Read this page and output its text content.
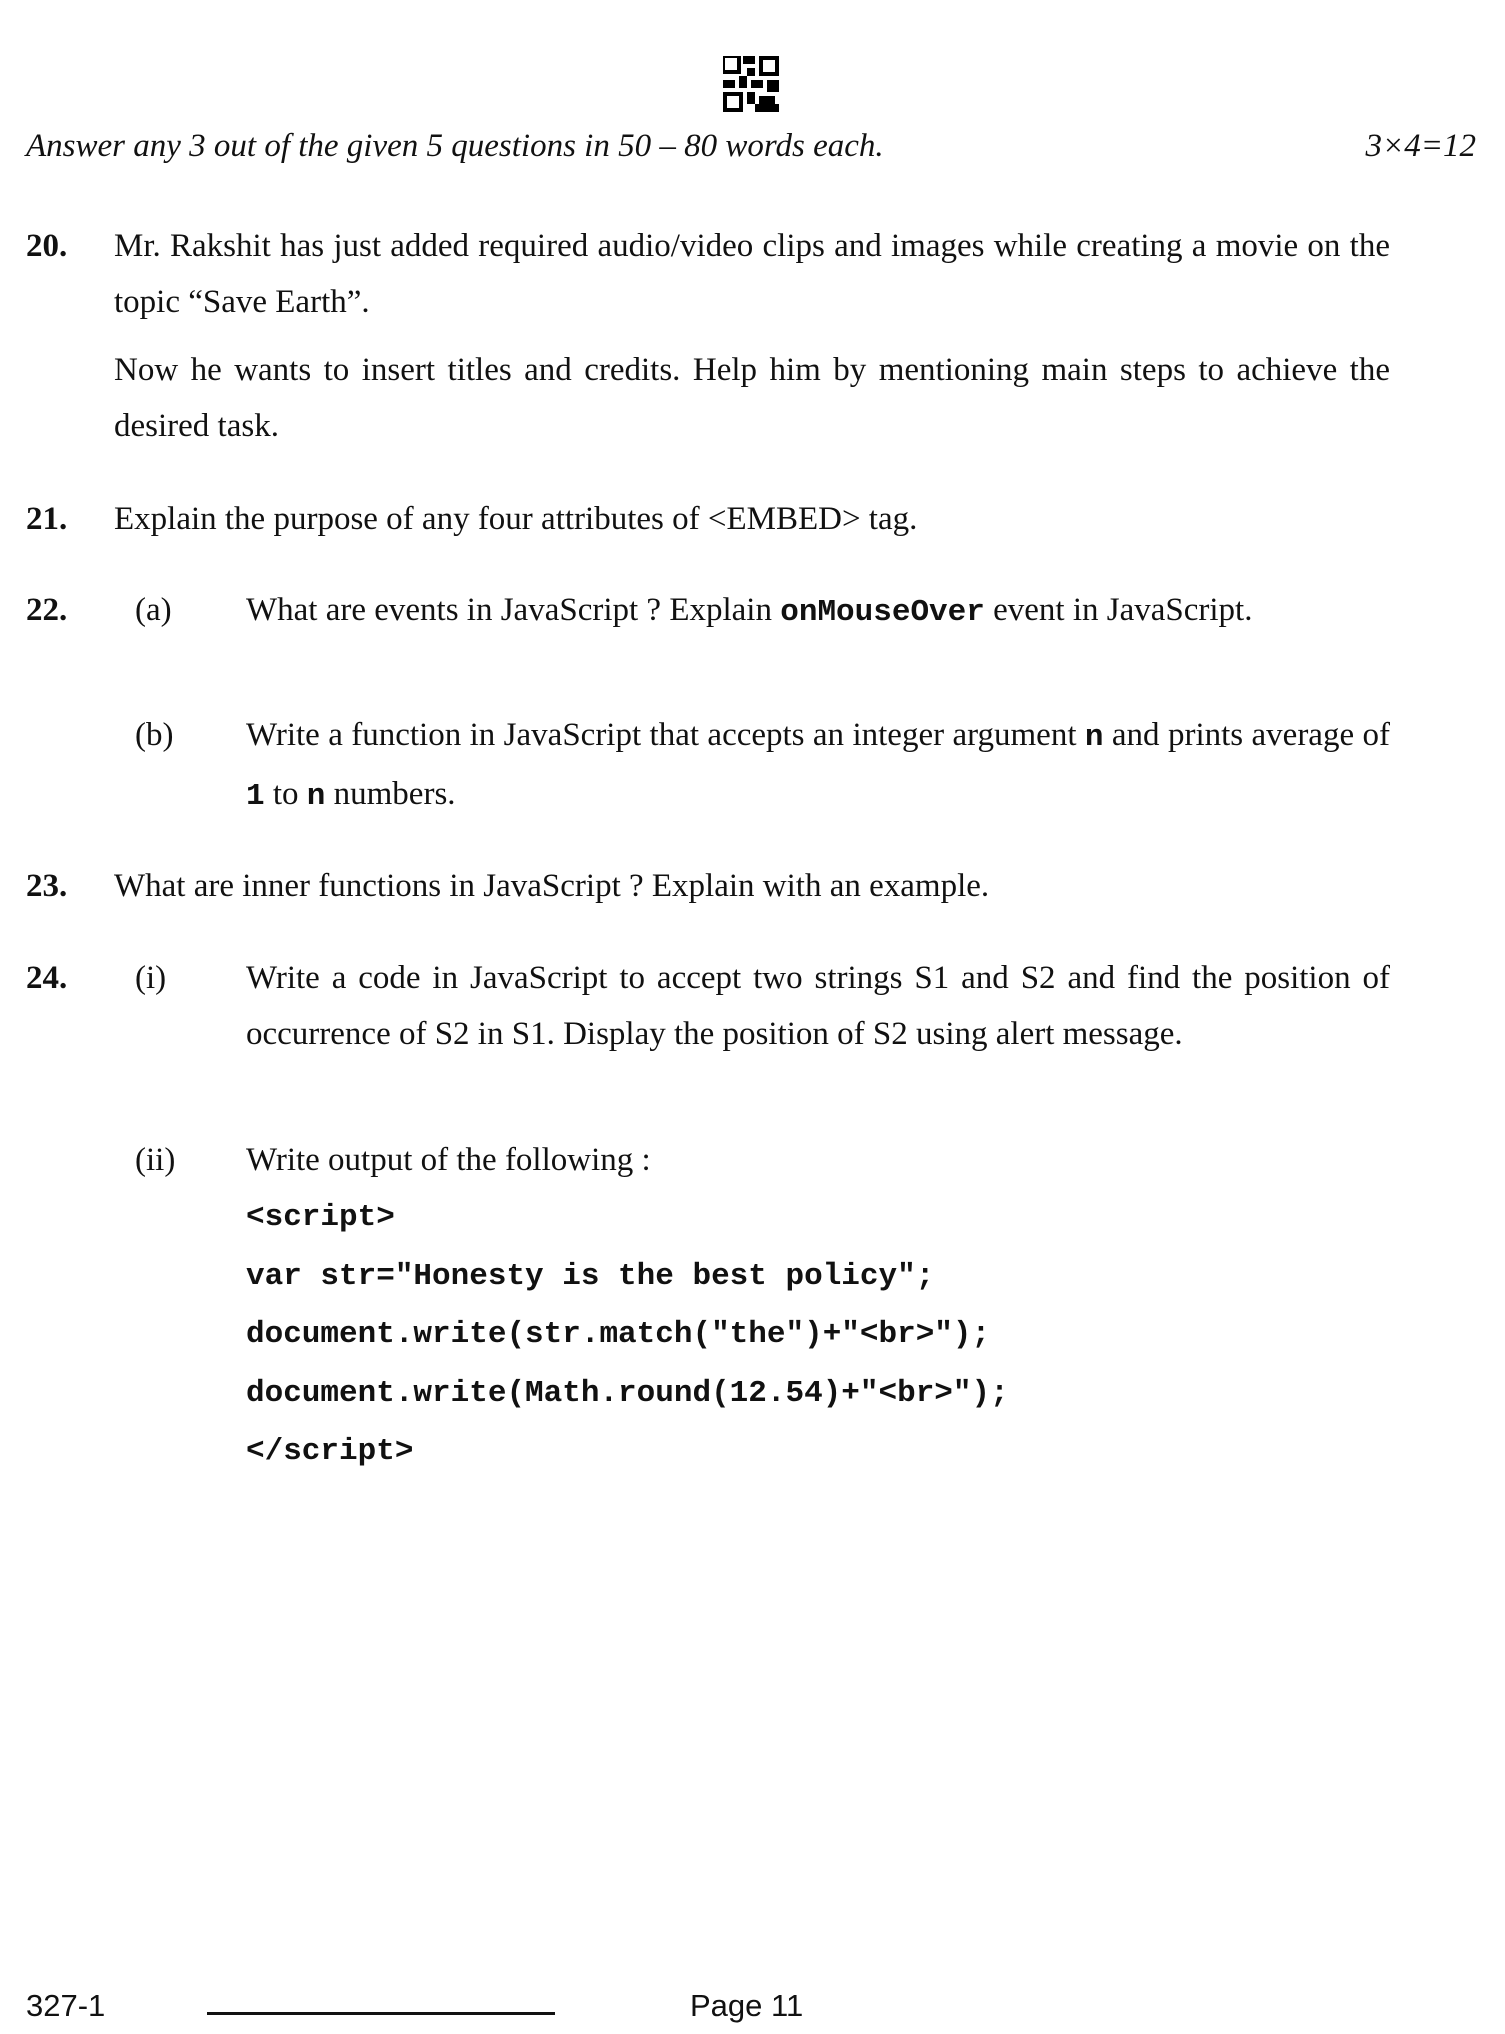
Answer any 3 out of the given 5 questions in 50 – 80 words each.	3×4=12
20. Mr. Rakshit has just added required audio/video clips and images while creating a movie on the topic “Save Earth”.

Now he wants to insert titles and credits. Help him by mentioning main steps to achieve the desired task.

21. Explain the purpose of any four attributes of <EMBED> tag.
22. (a) What are events in JavaScript ? Explain onMouseOver event in JavaScript.
(b) Write a function in JavaScript that accepts an integer argument n and prints average of 1 to n numbers.
23. What are inner functions in JavaScript ? Explain with an example.
24. (i) Write a code in JavaScript to accept two strings S1 and S2 and find the position of occurrence of S2 in S1. Display the position of S2 using alert message.
(ii) Write output of the following :
<script>
var str="Honesty is the best policy";
document.write(str.match("the")+"<br>");
document.write(Math.round(12.54)+"<br>");
</script>
327-1	Page 11
